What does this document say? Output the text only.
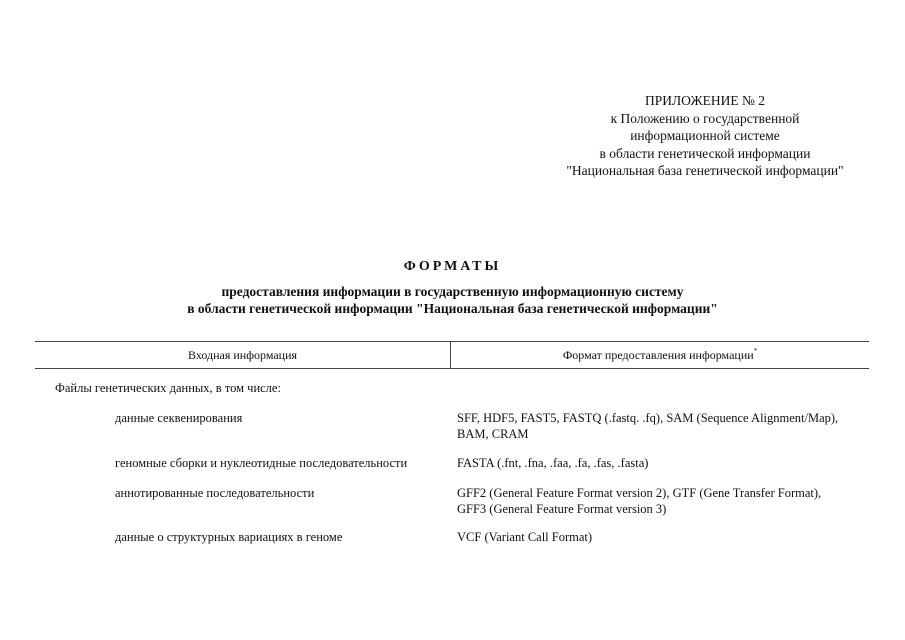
ПРИЛОЖЕНИЕ № 2
к Положению о государственной
информационной системе
в области генетической информации
"Национальная база генетической информации"
ФОРМАТЫ
предоставления информации в государственную информационную систему
в области генетической информации "Национальная база генетической информации"
Входная информация	Формат предоставления информации*
Файлы генетических данных, в том числе:
данные секвенирования	SFF, HDF5, FAST5, FASTQ (.fastq. .fq), SAM (Sequence Alignment/Map),
BAM, CRAM
геномные сборки и нуклеотидные последовательности	FASTA (.fnt, .fna, .faa, .fa, .fas, .fasta)
аннотированные последовательности	GFF2 (General Feature Format version 2), GTF (Gene Transfer Format),
GFF3 (General Feature Format version 3)
данные о структурных вариациях в геноме	VCF (Variant Call Format)
